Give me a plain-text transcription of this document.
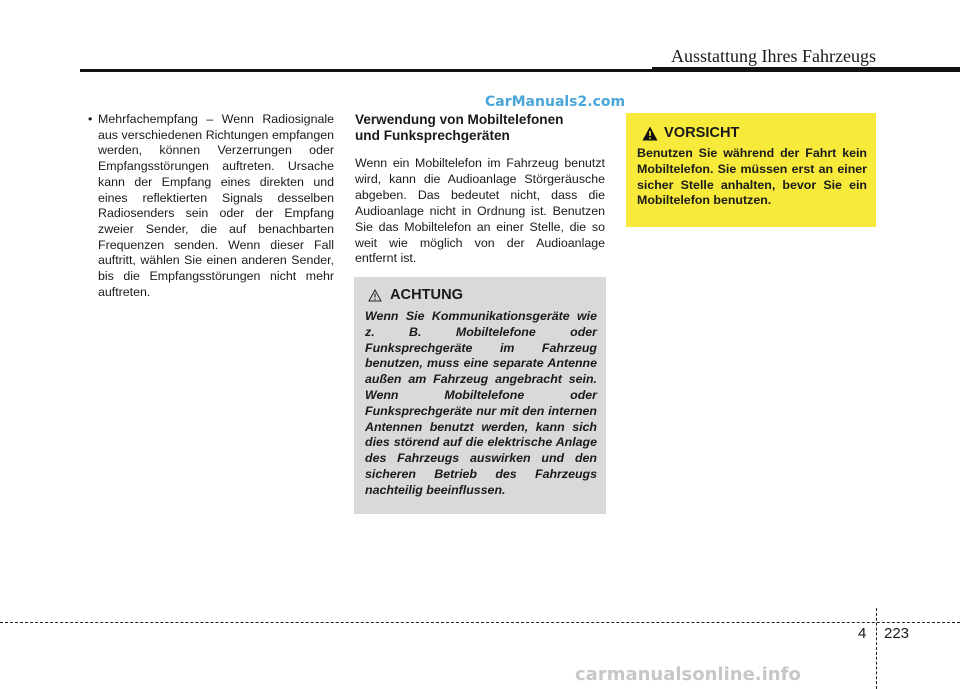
Ausstattung Ihres Fahrzeugs
CarManuals2.com
• Mehrfachempfang – Wenn Radiosignale aus verschiedenen Richtungen empfangen werden, können Verzerrungen oder Empfangsstörungen auftreten. Ursache kann der Empfang eines direkten und eines reflektierten Signals desselben Radiosenders sein oder der Empfang zweier Sender, die auf benachbarten Frequenzen senden. Wenn dieser Fall auftritt, wählen Sie einen anderen Sender, bis die Empfangsstörungen nicht mehr auftreten.

Verwendung von Mobiltelefonen
und Funksprechgeräten

Wenn ein Mobiltelefon im Fahrzeug benutzt wird, kann die Audioanlage Störgeräusche abgeben. Das bedeutet nicht, dass die Audioanlage nicht in Ordnung ist. Benutzen Sie das Mobiltelefon an einer Stelle, die so weit wie möglich von der Audioanlage entfernt ist.

ACHTUNG

Wenn Sie Kommunikationsgeräte wie z. B. Mobiltelefone oder Funksprechgeräte im Fahrzeug benutzen, muss eine separate Antenne außen am Fahrzeug angebracht sein. Wenn Mobiltelefone oder Funksprechgeräte nur mit den internen Antennen benutzt werden, kann sich dies störend auf die elektrische Anlage des Fahrzeugs auswirken und den sicheren Betrieb des Fahrzeugs nachteilig beeinflussen.

VORSICHT

Benutzen Sie während der Fahrt kein Mobiltelefon. Sie müssen erst an einer sicher Stelle anhalten, bevor Sie ein Mobiltelefon benutzen.

4 223
carmanualsonline.info
